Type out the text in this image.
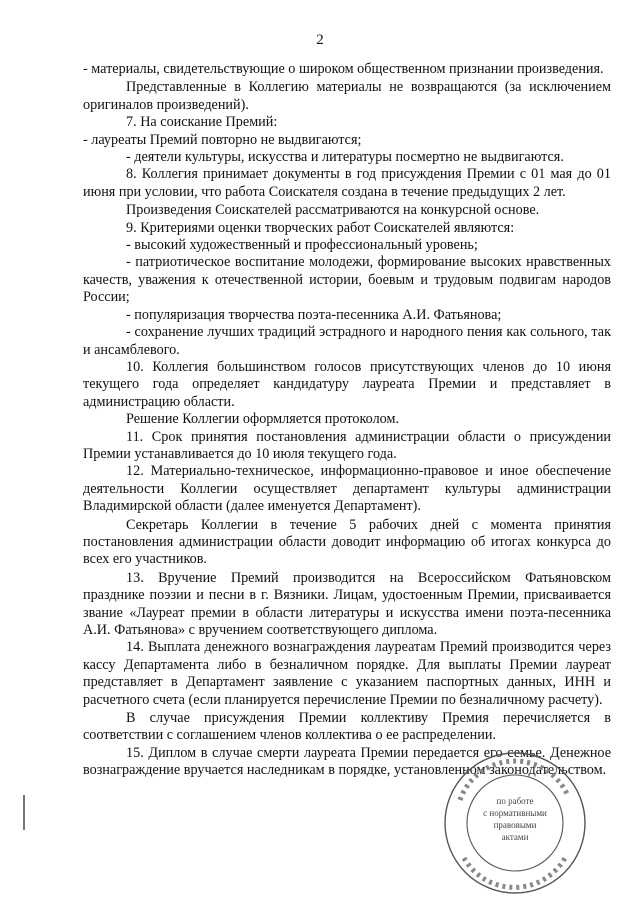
2

- материалы, свидетельствующие о широком общественном признании произведения.

Представленные в Коллегию материалы не возвращаются (за исключением оригиналов произведений).

7. На соискание Премий:

- лауреаты Премий повторно не выдвигаются;

- деятели культуры, искусства и литературы посмертно не выдвигаются.

8. Коллегия принимает документы в год присуждения Премии с 01 мая до 01 июня при условии, что работа Соискателя создана в течение предыдущих 2 лет.

Произведения Соискателей рассматриваются на конкурсной основе.

9. Критериями оценки творческих работ Соискателей являются:

- высокий художественный и профессиональный уровень;

- патриотическое воспитание молодежи, формирование высоких нравственных качеств, уважения к отечественной истории, боевым и трудовым подвигам народов России;

- популяризация творчества поэта-песенника А.И. Фатьянова;

- сохранение лучших традиций эстрадного и народного пения как сольного, так и ансамблевого.

10. Коллегия большинством голосов присутствующих членов до 10 июня текущего года определяет кандидатуру лауреата Премии и представляет в администрацию области.

Решение Коллегии оформляется протоколом.

11. Срок принятия постановления администрации области о присуждении Премии устанавливается до 10 июля текущего года.

12. Материально-техническое, информационно-правовое и иное обеспечение деятельности Коллегии осуществляет департамент культуры администрации Владимирской области (далее именуется Департамент).

Секретарь Коллегии в течение 5 рабочих дней с момента принятия постановления администрации области доводит информацию об итогах конкурса до всех его участников.

13. Вручение Премий производится на Всероссийском Фатьяновском празднике поэзии и песни в г. Вязники. Лицам, удостоенным Премии, присваивается звание «Лауреат премии в области литературы и искусства имени поэта-песенника А.И. Фатьянова» с вручением соответствующего диплома.

14. Выплата денежного вознаграждения лауреатам Премий производится через кассу Департамента либо в безналичном порядке. Для выплаты Премии лауреат представляет в Департамент заявление с указанием паспортных данных, ИНН и расчетного счета (если планируется перечисление Премии по безналичному расчету).

В случае присуждения Премии коллективу Премия перечисляется в соответствии с соглашением членов коллектива о ее распределении.

15. Диплом в случае смерти лауреата Премии передается его семье. Денежное вознаграждение вручается наследникам в порядке, установленном законодательством.

по работе
с нормативными
правовыми
актами
